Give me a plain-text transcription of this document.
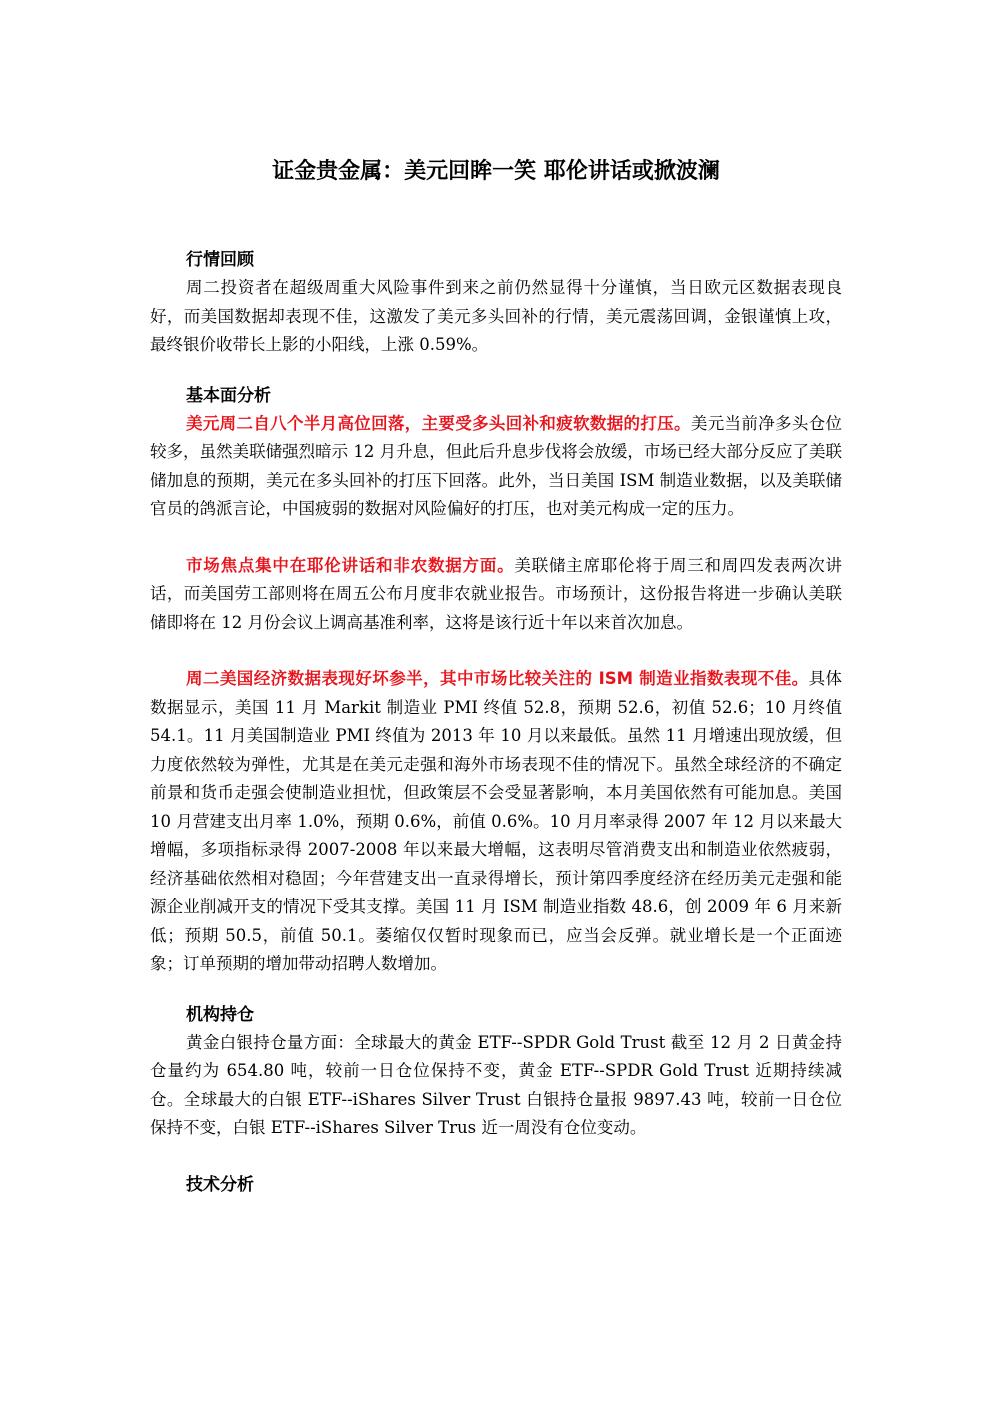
证金贵金属：美元回眸一笑 耶伦讲话或掀波澜
行情回顾

周二投资者在超级周重大风险事件到来之前仍然显得十分谨慎，当日欧元区数据表现良好，而美国数据却表现不佳，这激发了美元多头回补的行情，美元震荡回调，金银谨慎上攻，最终银价收带长上影的小阳线，上涨 0.59%。

基本面分析

美元周二自八个半月高位回落，主要受多头回补和疲软数据的打压。美元当前净多头仓位较多，虽然美联储强烈暗示 12 月升息，但此后升息步伐将会放缓，市场已经大部分反应了美联储加息的预期，美元在多头回补的打压下回落。此外，当日美国 ISM 制造业数据，以及美联储官员的鸽派言论，中国疲弱的数据对风险偏好的打压，也对美元构成一定的压力。

市场焦点集中在耶伦讲话和非农数据方面。美联储主席耶伦将于周三和周四发表两次讲话，而美国劳工部则将在周五公布月度非农就业报告。市场预计，这份报告将进一步确认美联储即将在 12 月份会议上调高基准利率，这将是该行近十年以来首次加息。

周二美国经济数据表现好坏参半，其中市场比较关注的 ISM 制造业指数表现不佳。具体数据显示，美国 11 月 Markit 制造业 PMI 终值 52.8，预期 52.6，初值 52.6；10 月终值 54.1。11 月美国制造业 PMI 终值为 2013 年 10 月以来最低。虽然 11 月增速出现放缓，但力度依然较为弹性，尤其是在美元走强和海外市场表现不佳的情况下。虽然全球经济的不确定前景和货币走强会使制造业担忧，但政策层不会受显著影响，本月美国依然有可能加息。美国 10 月营建支出月率 1.0%，预期 0.6%，前值 0.6%。10 月月率录得 2007 年 12 月以来最大增幅，多项指标录得 2007-2008 年以来最大增幅，这表明尽管消费支出和制造业依然疲弱，经济基础依然相对稳固；今年营建支出一直录得增长，预计第四季度经济在经历美元走强和能源企业削减开支的情况下受其支撑。美国 11 月 ISM 制造业指数 48.6，创 2009 年 6 月来新低；预期 50.5，前值 50.1。萎缩仅仅暂时现象而已，应当会反弹。就业增长是一个正面迹象；订单预期的增加带动招聘人数增加。

机构持仓

黄金白银持仓量方面：全球最大的黄金 ETF--SPDR Gold Trust 截至 12 月 2 日黄金持仓量约为 654.80 吨，较前一日仓位保持不变，黄金 ETF--SPDR Gold Trust 近期持续减仓。全球最大的白银 ETF--iShares Silver Trust 白银持仓量报 9897.43 吨，较前一日仓位保持不变，白银 ETF--iShares Silver Trus 近一周没有仓位变动。

技术分析
